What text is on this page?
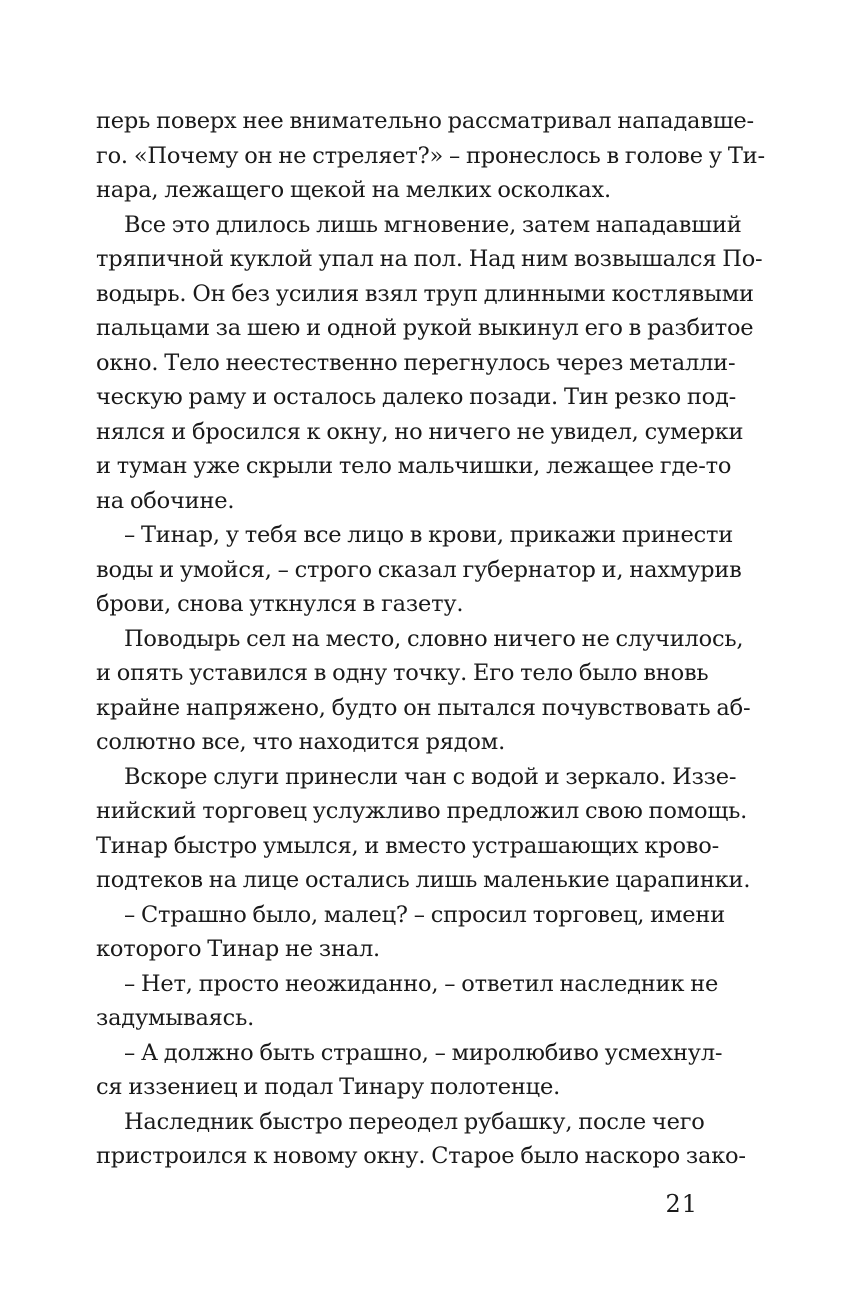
перь поверх нее внимательно рассматривал нападавше-
го. «Почему он не стреляет?» – пронеслось в голове у Ти-
нара, лежащего щекой на мелких осколках.
Все это длилось лишь мгновение, затем нападавший
тряпичной куклой упал на пол. Над ним возвышался По-
водырь. Он без усилия взял труп длинными костлявыми
пальцами за шею и одной рукой выкинул его в разбитое
окно. Тело неестественно перегнулось через металли-
ческую раму и осталось далеко позади. Тин резко под-
нялся и бросился к окну, но ничего не увидел, сумерки
и туман уже скрыли тело мальчишки, лежащее где-то
на обочине.
– Тинар, у тебя все лицо в крови, прикажи принести
воды и умойся, – строго сказал губернатор и, нахмурив
брови, снова уткнулся в газету.
Поводырь сел на место, словно ничего не случилось,
и опять уставился в одну точку. Его тело было вновь
крайне напряжено, будто он пытался почувствовать аб-
солютно все, что находится рядом.
Вскоре слуги принесли чан с водой и зеркало. Иззе-
нийский торговец услужливо предложил свою помощь.
Тинар быстро умылся, и вместо устрашающих крово-
подтеков на лице остались лишь маленькие царапинки.
– Страшно было, малец? – спросил торговец, имени
которого Тинар не знал.
– Нет, просто неожиданно, – ответил наследник не
задумываясь.
– А должно быть страшно, – миролюбиво усмехнул-
ся иззениец и подал Тинару полотенце.
Наследник быстро переодел рубашку, после чего
пристроился к новому окну. Старое было наскоро зако-
21
